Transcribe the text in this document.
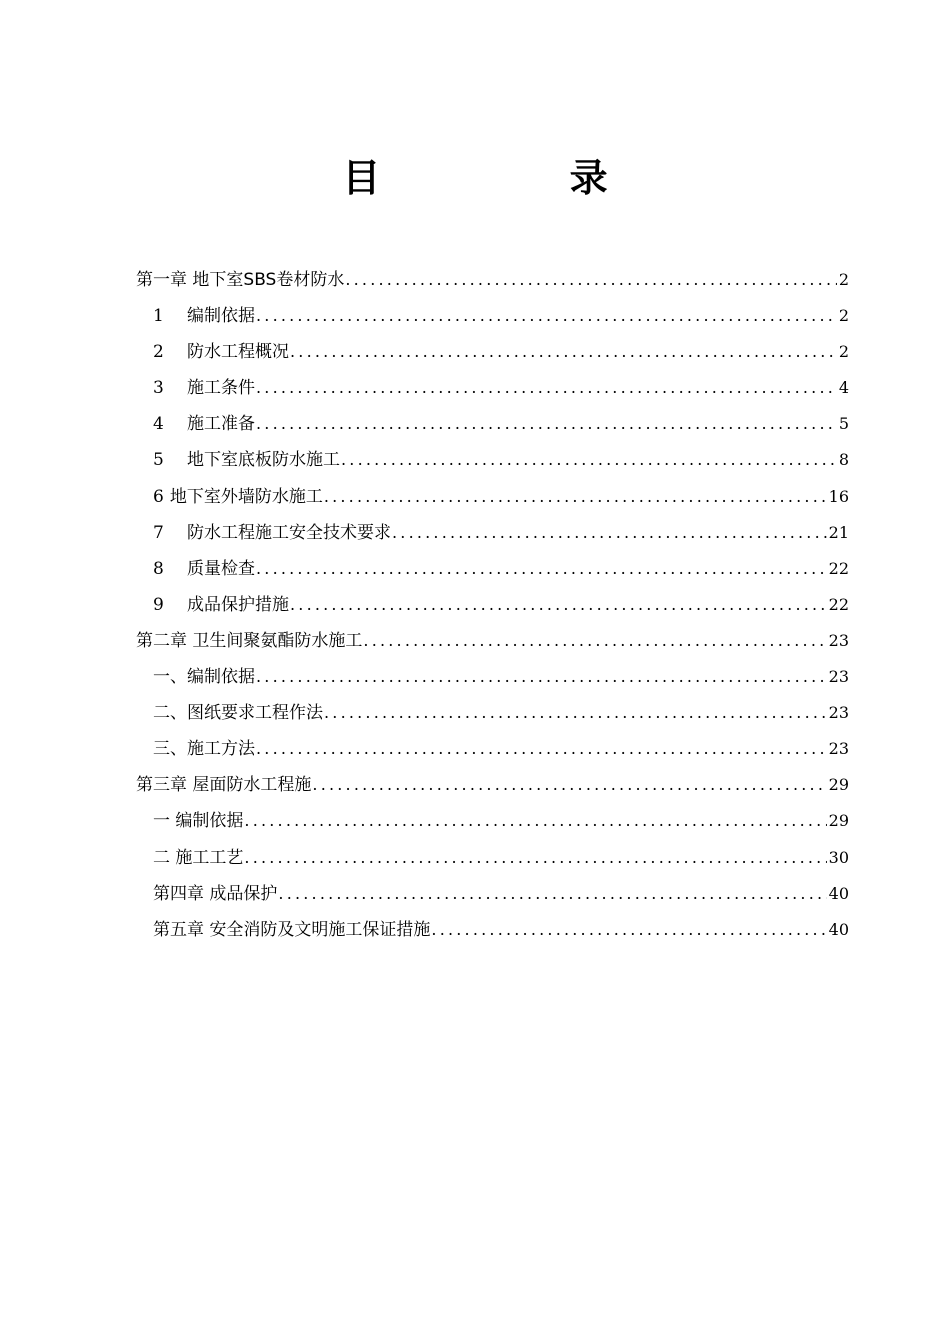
目 录
第一章 地下室SBS卷材防水 .....	2
1 编制依据 .....	2
2 防水工程概况 .....	2
3 施工条件 .....	4
4 施工准备 .....	5
5 地下室底板防水施工 .....	8
6 地下室外墙防水施工 .....	16
7 防水工程施工安全技术要求 .....	21
8 质量检查 .....	22
9 成品保护措施 .....	22
第二章 卫生间聚氨酯防水施工 .....	23
一、编制依据 .....	23
二、图纸要求工程作法 .....	23
三、施工方法 .....	23
第三章 屋面防水工程施 .....	29
一 编制依据 .....	29
二 施工工艺 .....	30
第四章 成品保护 .....	40
第五章 安全消防及文明施工保证措施 .....	40
